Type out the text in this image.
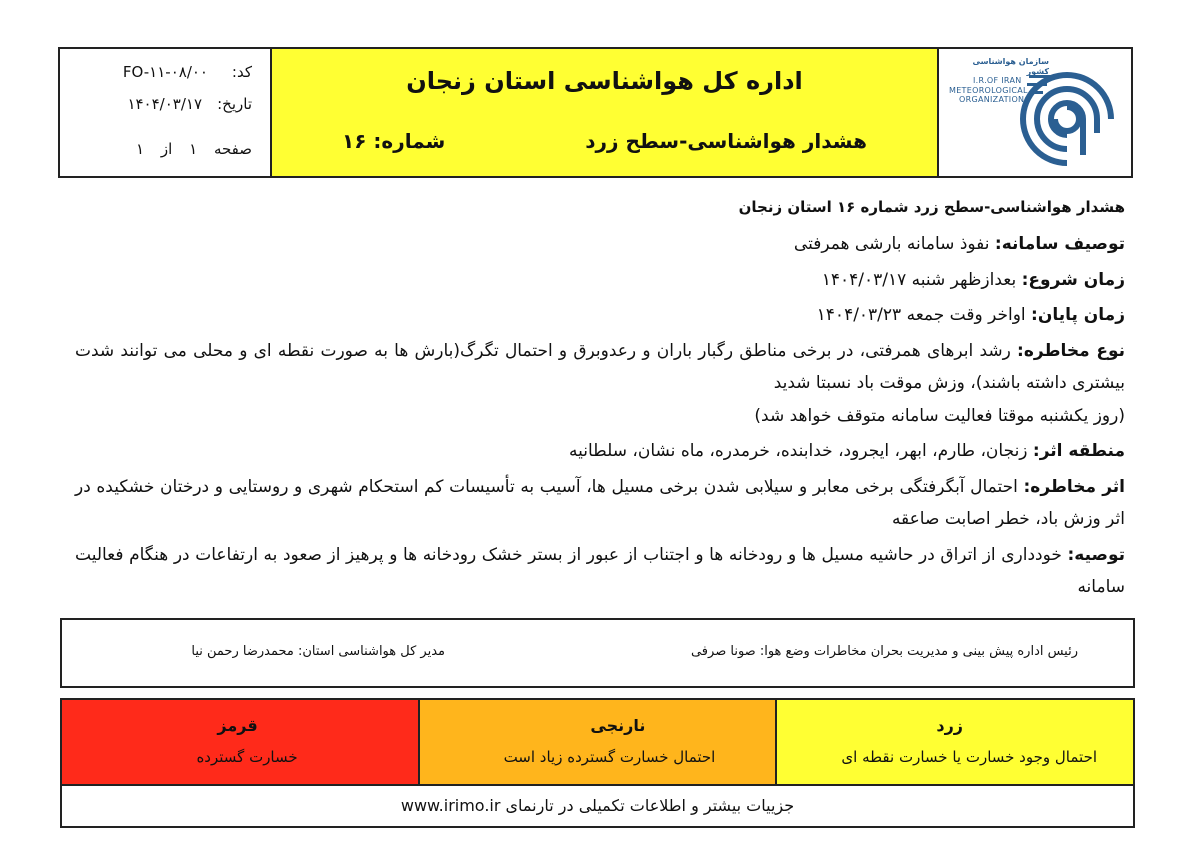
کد:
FO-۱۱-۰۸/۰۰
تاریخ:
۱۴۰۴/۰۳/۱۷
صفحه ۱ از ۱
اداره کل هواشناسی استان زنجان
هشدار هواشناسی-سطح زرد
شماره: ۱۶
سازمان هواشناسی کشور
I.R.OF IRAN
METEOROLOGICAL
ORGANIZATION

هشدار هواشناسی-سطح زرد شماره ۱۶ استان زنجان

توصیف سامانه: نفوذ سامانه بارشی همرفتی

زمان شروع: بعدازظهر شنبه ۱۴۰۴/۰۳/۱۷

زمان پایان: اواخر وقت جمعه ۱۴۰۴/۰۳/۲۳

نوع مخاطره: رشد ابرهای همرفتی، در برخی مناطق رگبار باران و رعدوبرق و احتمال تگرگ(بارش ها به صورت نقطه ای و محلی می توانند شدت بیشتری داشته باشند)، وزش موقت باد نسبتا شدید

(روز یکشنبه موقتا فعالیت سامانه متوقف خواهد شد)

منطقه اثر: زنجان، طارم، ابهر، ایجرود، خدابنده، خرمدره، ماه نشان، سلطانیه

اثر مخاطره: احتمال آبگرفتگی برخی معابر و سیلابی شدن برخی مسیل ها، آسیب به تأسیسات کم استحکام شهری و روستایی و درختان خشکیده در اثر وزش باد، خطر اصابت صاعقه

توصیه: خودداری از اتراق در حاشیه مسیل ها و رودخانه ها و اجتناب از عبور از بستر خشک رودخانه ها و پرهیز از صعود به ارتفاعات در هنگام فعالیت سامانه

رئیس اداره پیش بینی و مدیریت بحران مخاطرات وضع هوا: صونا صرفی
مدیر کل هواشناسی استان: محمدرضا رحمن نیا
قرمز
خسارت گسترده
نارنجی
احتمال خسارت گسترده زیاد است
زرد
احتمال وجود خسارت یا خسارت نقطه ای
جزییات بیشتر و اطلاعات تکمیلی در تارنمای www.irimo.ir
